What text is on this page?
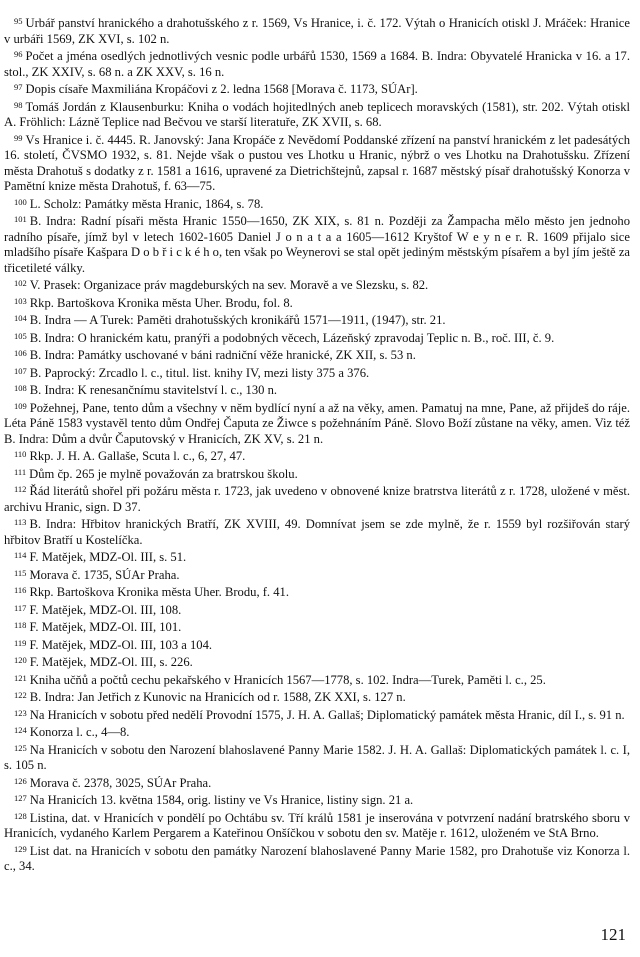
$^{95}$ Urbář panství hranického a drahotušského z r. 1569, Vs Hranice, i. č. 172. Výtah o Hranicích otiskl J. Mráček: Hranice v urbáři 1569, ZK XVI, s. 102 n.

$^{96}$ Počet a jména osedlých jednotlivých vesnic podle urbářů 1530, 1569 a 1684. B. Indra: Obyvatelé Hranicka v 16. a 17. stol., ZK XXIV, s. 68 n. a ZK XXV, s. 16 n.

$^{97}$ Dopis císaře Maxmiliána Kropáčovi z 2. ledna 1568 [Morava č. 1173, SÚAr].

$^{98}$ Tomáš Jordán z Klausenburku: Kniha o vodách hojitedlných aneb teplicech moravských (1581), str. 202. Výtah otiskl A. Fröhlich: Lázně Teplice nad Bečvou ve starší literatuře, ZK XVII, s. 68.

$^{99}$ Vs Hranice i. č. 4445. R. Janovský: Jana Kropáče z Nevědomí Poddanské zřízení na panství hranickém z let padesátých 16. století, ČVSMO 1932, s. 81. Nejde však o pustou ves Lhotku u Hranic, nýbrž o ves Lhotku na Drahotušsku. Zřízení města Drahotuš s dodatky z r. 1581 a 1616, upravené za Dietrichštejnů, zapsal r. 1687 městský písař drahotušský Konorza v Pamětní knize města Drahotuš, f. 63—75.

$^{100}$ L. Scholz: Památky města Hranic, 1864, s. 78.

$^{101}$ B. Indra: Radní písaři města Hranic 1550—1650, ZK XIX, s. 81 n. Později za Žampacha mělo město jen jednoho radního písaře, jímž byl v letech 1602-1605 Daniel J o n a t a a 1605—1612 Kryštof W e y n e r. R. 1609 přijalo sice mladšího písaře Kašpara D o b ř i c k é h o, ten však po Weynerovi se stal opět jediným městským písařem a byl jím ještě za třicetileté války.

$^{102}$ V. Prasek: Organizace práv magdeburských na sev. Moravě a ve Slezsku, s. 82.

$^{103}$ Rkp. Bartoškova Kronika města Uher. Brodu, fol. 8.

$^{104}$ B. Indra — A Turek: Paměti drahotušských kronikářů 1571—1911, (1947), str. 21.

$^{105}$ B. Indra: O hranickém katu, pranýři a podobných věcech, Lázeňský zpravodaj Teplic n. B., roč. III, č. 9.

$^{106}$ B. Indra: Památky uschované v báni radniční věže hranické, ZK XII, s. 53 n.

$^{107}$ B. Paprocký: Zrcadlo l. c., titul. list. knihy IV, mezi listy 375 a 376.

$^{108}$ B. Indra: K renesančnímu stavitelství l. c., 130 n.

$^{109}$ Požehnej, Pane, tento dům a všechny v něm bydlící nyní a až na věky, amen. Pamatuj na mne, Pane, až přijdeš do ráje. Léta Páně 1583 vystavěl tento dům Ondřej Čaputa ze Žiwce s požehnáním Páně. Slovo Boží zůstane na věky, amen. Viz též B. Indra: Dům a dvůr Čaputovský v Hranicích, ZK XV, s. 21 n.

$^{110}$ Rkp. J. H. A. Gallaše, Scuta l. c., 6, 27, 47.

$^{111}$ Dům čp. 265 je mylně považován za bratrskou školu.

$^{112}$ Řád literátů shořel při požáru města r. 1723, jak uvedeno v obnovené knize bratrstva literátů z r. 1728, uložené v měst. archivu Hranic, sign. D 37.

$^{113}$ B. Indra: Hřbitov hranických Bratří, ZK XVIII, 49. Domnívat jsem se zde mylně, že r. 1559 byl rozšiřován starý hřbitov Bratří u Kostelíčka.

$^{114}$ F. Matějek, MDZ-Ol. III, s. 51.

$^{115}$ Morava č. 1735, SÚAr Praha.

$^{116}$ Rkp. Bartoškova Kronika města Uher. Brodu, f. 41.

$^{117}$ F. Matějek, MDZ-Ol. III, 108.

$^{118}$ F. Matějek, MDZ-Ol. III, 101.

$^{119}$ F. Matějek, MDZ-Ol. III, 103 a 104.

$^{120}$ F. Matějek, MDZ-Ol. III, s. 226.

$^{121}$ Kniha učňů a počtů cechu pekařského v Hranicích 1567—1778, s. 102. Indra—Turek, Paměti l. c., 25.

$^{122}$ B. Indra: Jan Jetřich z Kunovic na Hranicích od r. 1588, ZK XXI, s. 127 n.

$^{123}$ Na Hranicích v sobotu před nedělí Provodní 1575, J. H. A. Gallaš; Diplomatický památek města Hranic, díl I., s. 91 n.

$^{124}$ Konorza l. c., 4—8.

$^{125}$ Na Hranicích v sobotu den Narození blahoslavené Panny Marie 1582. J. H. A. Gallaš: Diplomatických památek l. c. I, s. 105 n.

$^{126}$ Morava č. 2378, 3025, SÚAr Praha.

$^{127}$ Na Hranicích 13. května 1584, orig. listiny ve Vs Hranice, listiny sign. 21 a.

$^{128}$ Listina, dat. v Hranicích v pondělí po Ochtábu sv. Tří králů 1581 je inserována v potvrzení nadání bratrského sboru v Hranicích, vydaného Karlem Pergarem a Kateřinou Onšíčkou v sobotu den sv. Matěje r. 1612, uloženém ve StA Brno.

$^{129}$ List dat. na Hranicích v sobotu den památky Narození blahoslavené Panny Marie 1582, pro Drahotuše viz Konorza l. c., 34.

121
